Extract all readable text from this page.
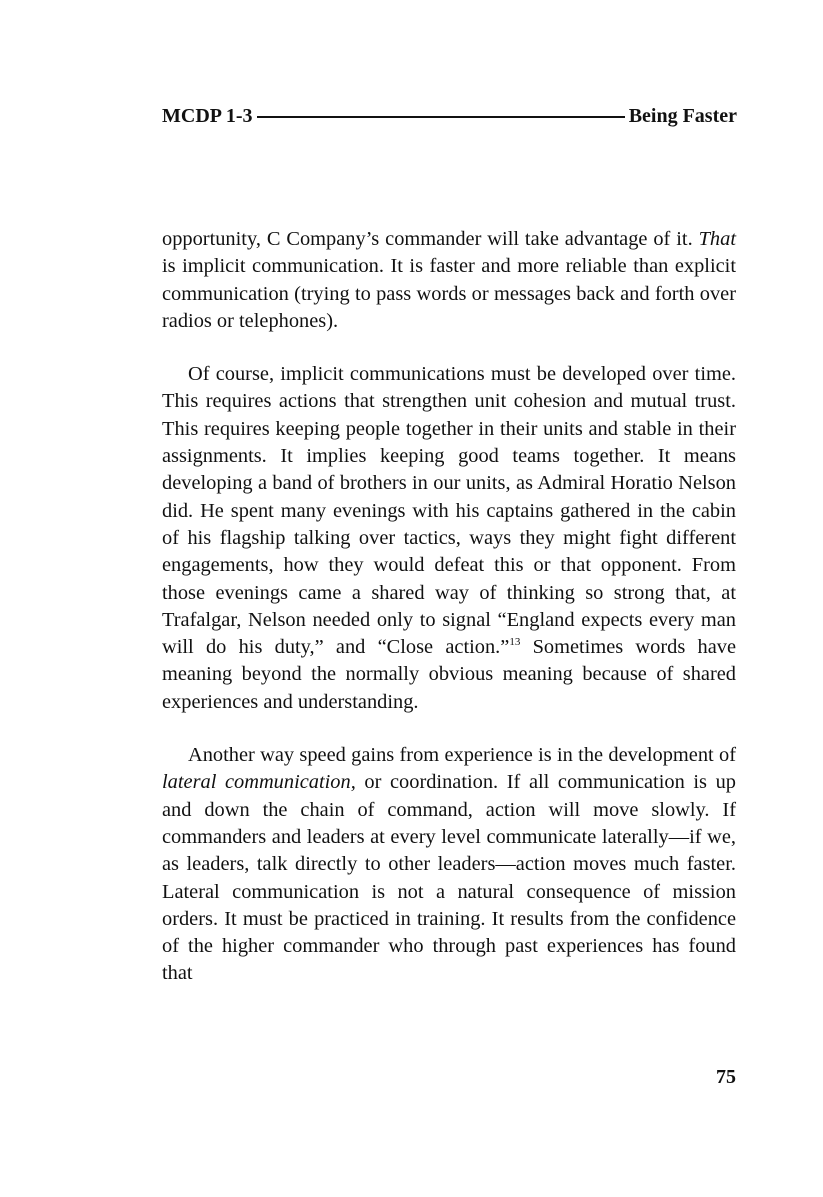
MCDP 1-3	Being Faster

opportunity, C Company’s commander will take advantage of it. That is implicit communication. It is faster and more reliable than explicit communication (trying to pass words or messages back and forth over radios or telephones).

Of course, implicit communications must be developed over time. This requires actions that strengthen unit cohesion and mutual trust. This requires keeping people together in their units and stable in their assignments. It implies keeping good teams together. It means developing a band of brothers in our units, as Admiral Horatio Nelson did. He spent many evenings with his captains gathered in the cabin of his flagship talking over tactics, ways they might fight different engagements, how they would defeat this or that opponent. From those evenings came a shared way of thinking so strong that, at Trafalgar, Nelson needed only to signal “England expects every man will do his duty,” and “Close action.”$^{13}$ Sometimes words have meaning beyond the normally obvious meaning because of shared experiences and understanding.

Another way speed gains from experience is in the development of lateral communication, or coordination. If all communication is up and down the chain of command, action will move slowly. If commanders and leaders at every level communicate laterally—if we, as leaders, talk directly to other leaders—action moves much faster. Lateral communication is not a natural consequence of mission orders. It must be practiced in training. It results from the confidence of the higher commander who through past experiences has found that

75
